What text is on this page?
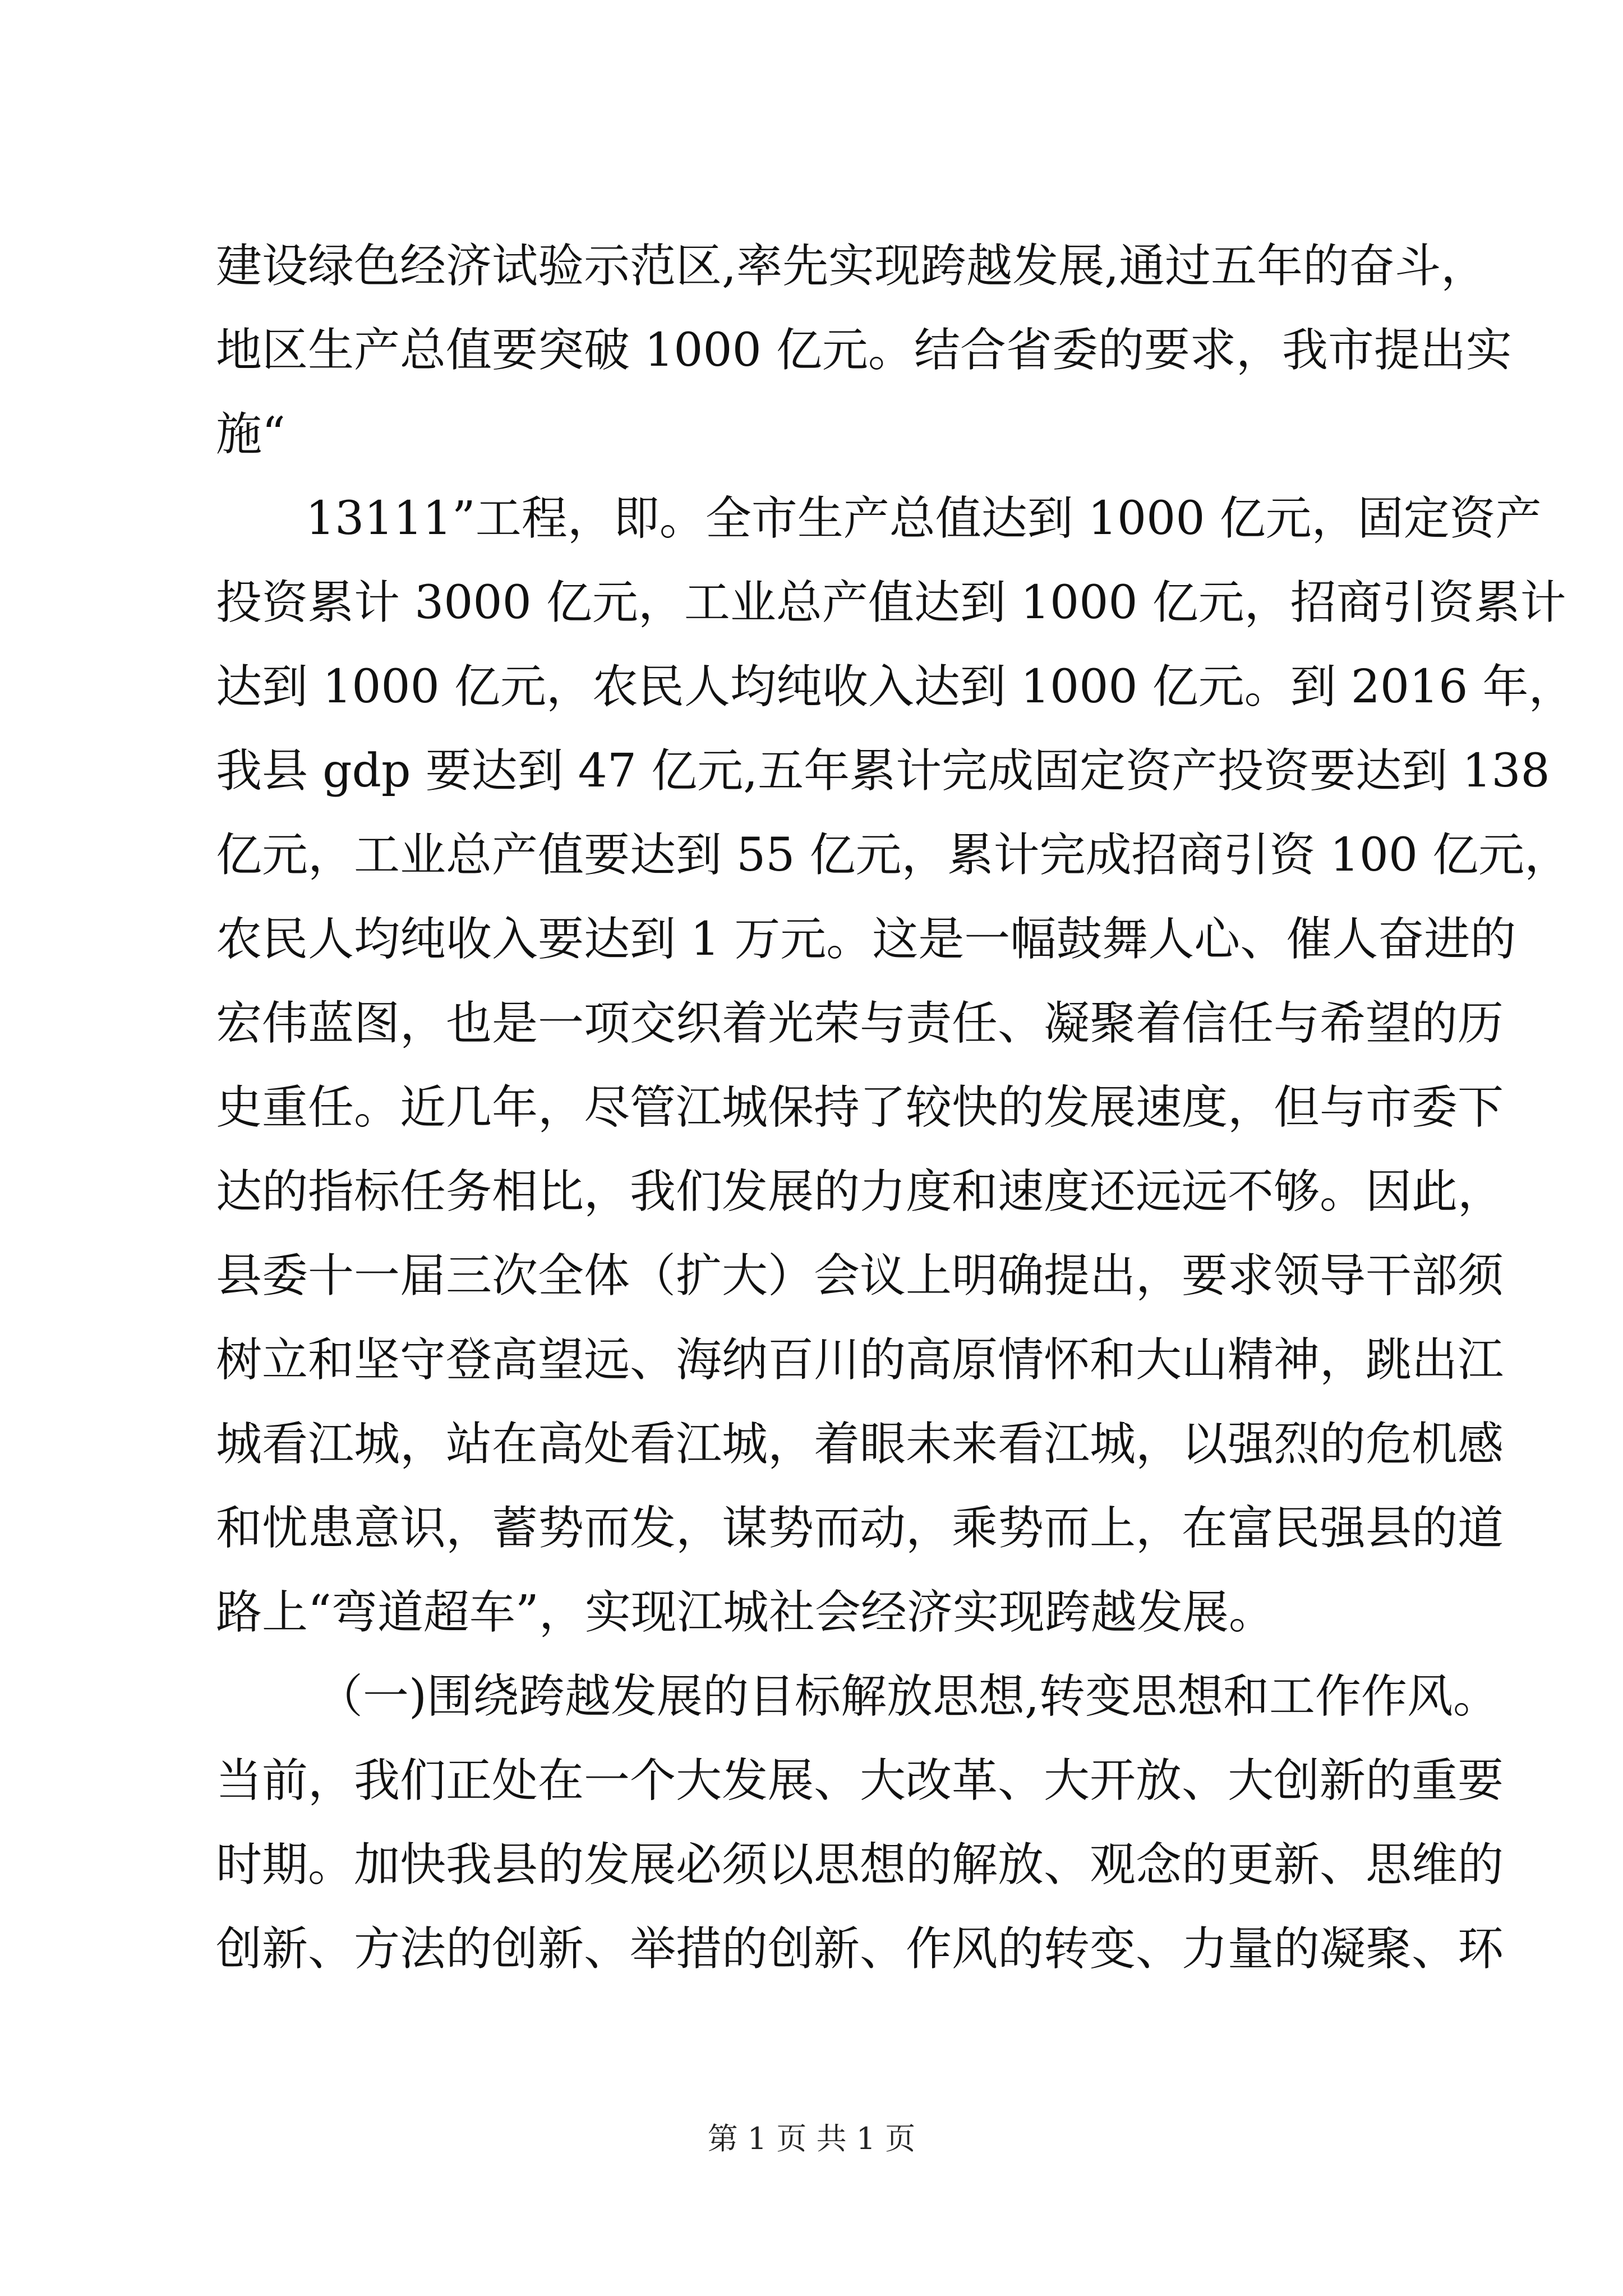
建设绿色经济试验示范区,率先实现跨越发展,通过五年的奋斗，
地区生产总值要突破 1000 亿元。结合省委的要求，我市提出实
施“
13111”工程，即。全市生产总值达到 1000 亿元，固定资产
投资累计 3000 亿元，工业总产值达到 1000 亿元，招商引资累计
达到 1000 亿元，农民人均纯收入达到 1000 亿元。到 2016 年，
我县 gdp 要达到 47 亿元,五年累计完成固定资产投资要达到 138
亿元，工业总产值要达到 55 亿元，累计完成招商引资 100 亿元，
农民人均纯收入要达到 1 万元。这是一幅鼓舞人心、催人奋进的
宏伟蓝图，也是一项交织着光荣与责任、凝聚着信任与希望的历
史重任。近几年，尽管江城保持了较快的发展速度，但与市委下
达的指标任务相比，我们发展的力度和速度还远远不够。因此，
县委十一届三次全体（扩大）会议上明确提出，要求领导干部须
树立和坚守登高望远、海纳百川的高原情怀和大山精神，跳出江
城看江城，站在高处看江城，着眼未来看江城，以强烈的危机感
和忧患意识，蓄势而发，谋势而动，乘势而上，在富民强县的道
路上“弯道超车”，实现江城社会经济实现跨越发展。
（一)围绕跨越发展的目标解放思想,转变思想和工作作风。
当前，我们正处在一个大发展、大改革、大开放、大创新的重要
时期。加快我县的发展必须以思想的解放、观念的更新、思维的
创新、方法的创新、举措的创新、作风的转变、力量的凝聚、环
第 1 页 共 1 页
